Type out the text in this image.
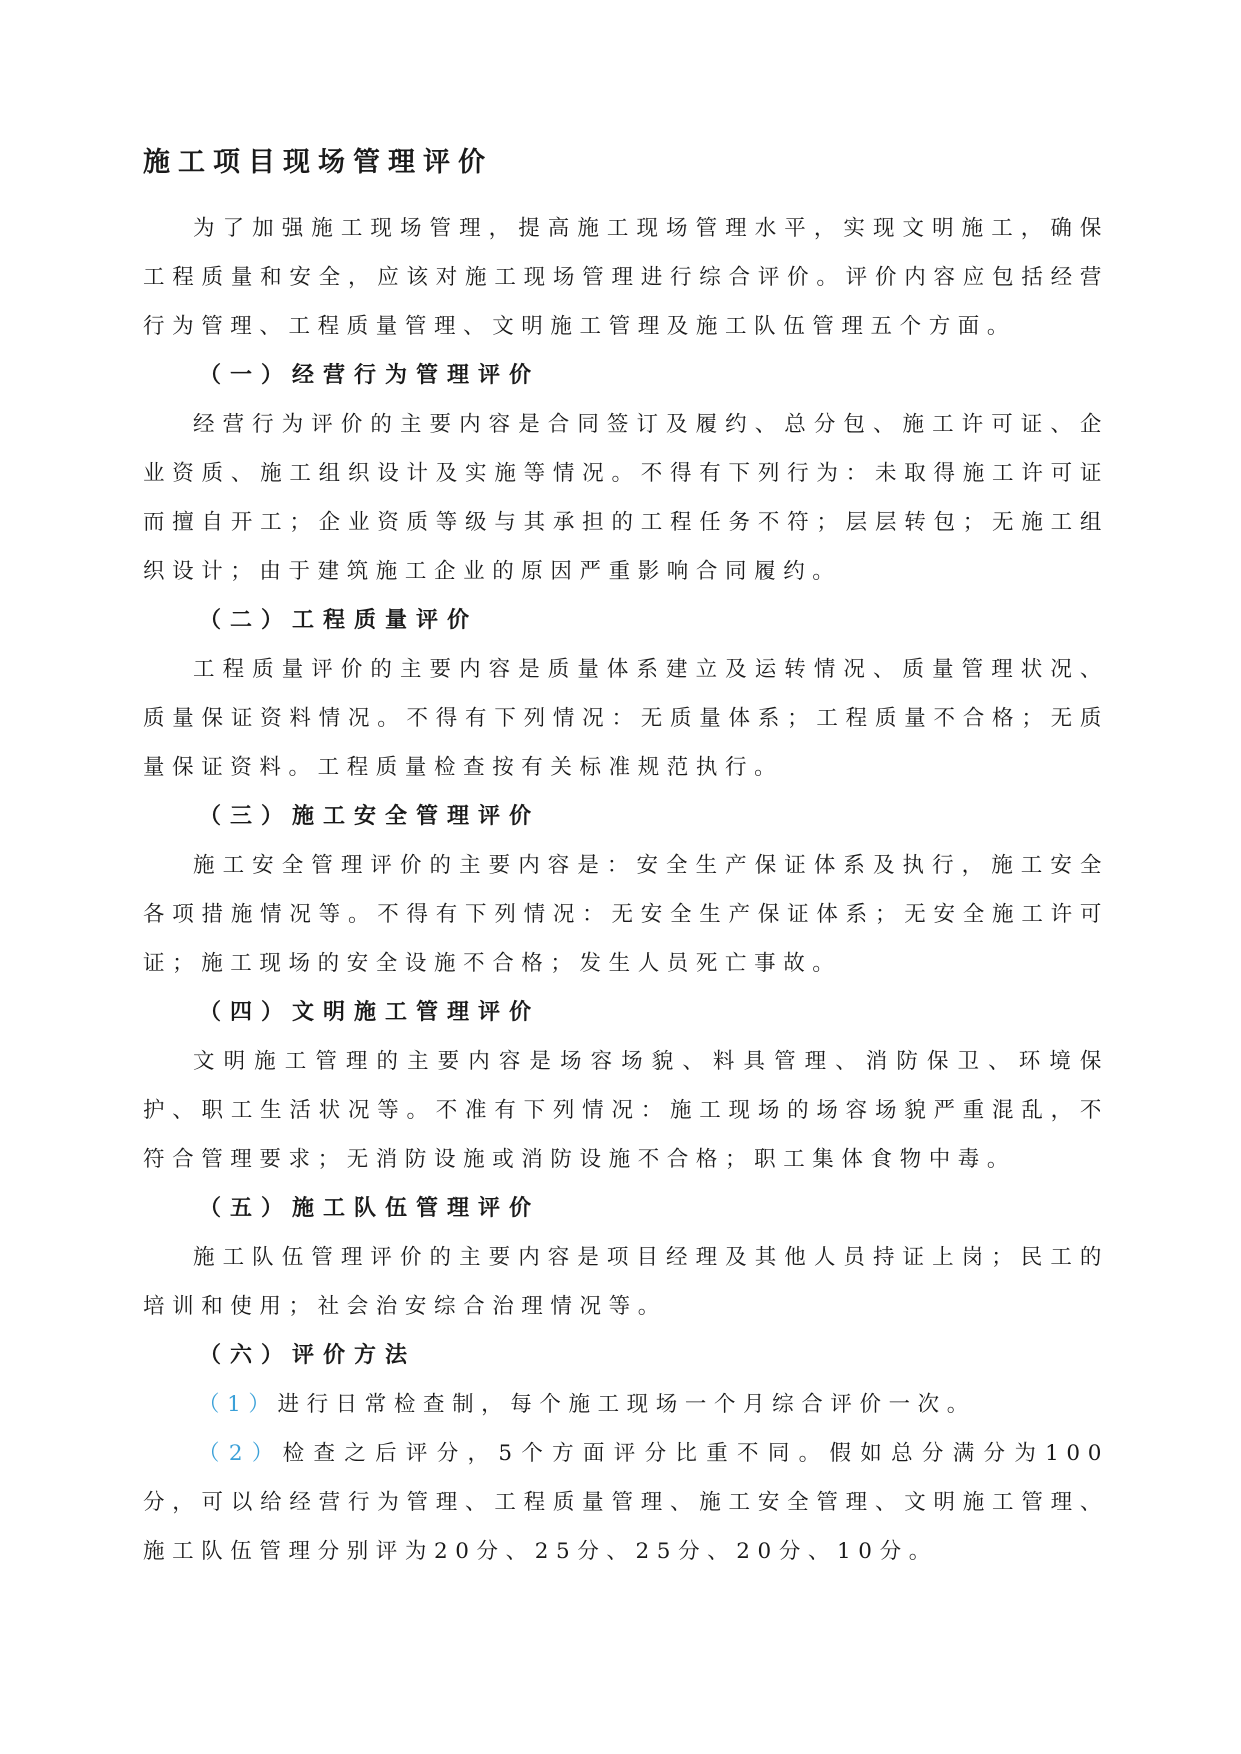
施工项目现场管理评价

为了加强施工现场管理，提高施工现场管理水平，实现文明施工，确保工程质量和安全，应该对施工现场管理进行综合评价。评价内容应包括经营行为管理、工程质量管理、文明施工管理及施工队伍管理五个方面。

（一）经营行为管理评价

经营行为评价的主要内容是合同签订及履约、总分包、施工许可证、企业资质、施工组织设计及实施等情况。不得有下列行为：未取得施工许可证而擅自开工；企业资质等级与其承担的工程任务不符；层层转包；无施工组织设计；由于建筑施工企业的原因严重影响合同履约。

（二）工程质量评价

工程质量评价的主要内容是质量体系建立及运转情况、质量管理状况、质量保证资料情况。不得有下列情况：无质量体系；工程质量不合格；无质量保证资料。工程质量检查按有关标准规范执行。

（三）施工安全管理评价

施工安全管理评价的主要内容是：安全生产保证体系及执行，施工安全各项措施情况等。不得有下列情况：无安全生产保证体系；无安全施工许可证；施工现场的安全设施不合格；发生人员死亡事故。

（四）文明施工管理评价

文明施工管理的主要内容是场容场貌、料具管理、消防保卫、环境保护、职工生活状况等。不准有下列情况：施工现场的场容场貌严重混乱，不符合管理要求；无消防设施或消防设施不合格；职工集体食物中毒。

（五）施工队伍管理评价

施工队伍管理评价的主要内容是项目经理及其他人员持证上岗；民工的培训和使用；社会治安综合治理情况等。

（六）评价方法

（1）进行日常检查制，每个施工现场一个月综合评价一次。

（2）检查之后评分，5个方面评分比重不同。假如总分满分为100分，可以给经营行为管理、工程质量管理、施工安全管理、文明施工管理、施工队伍管理分别评为20分、25分、25分、20分、10分。
